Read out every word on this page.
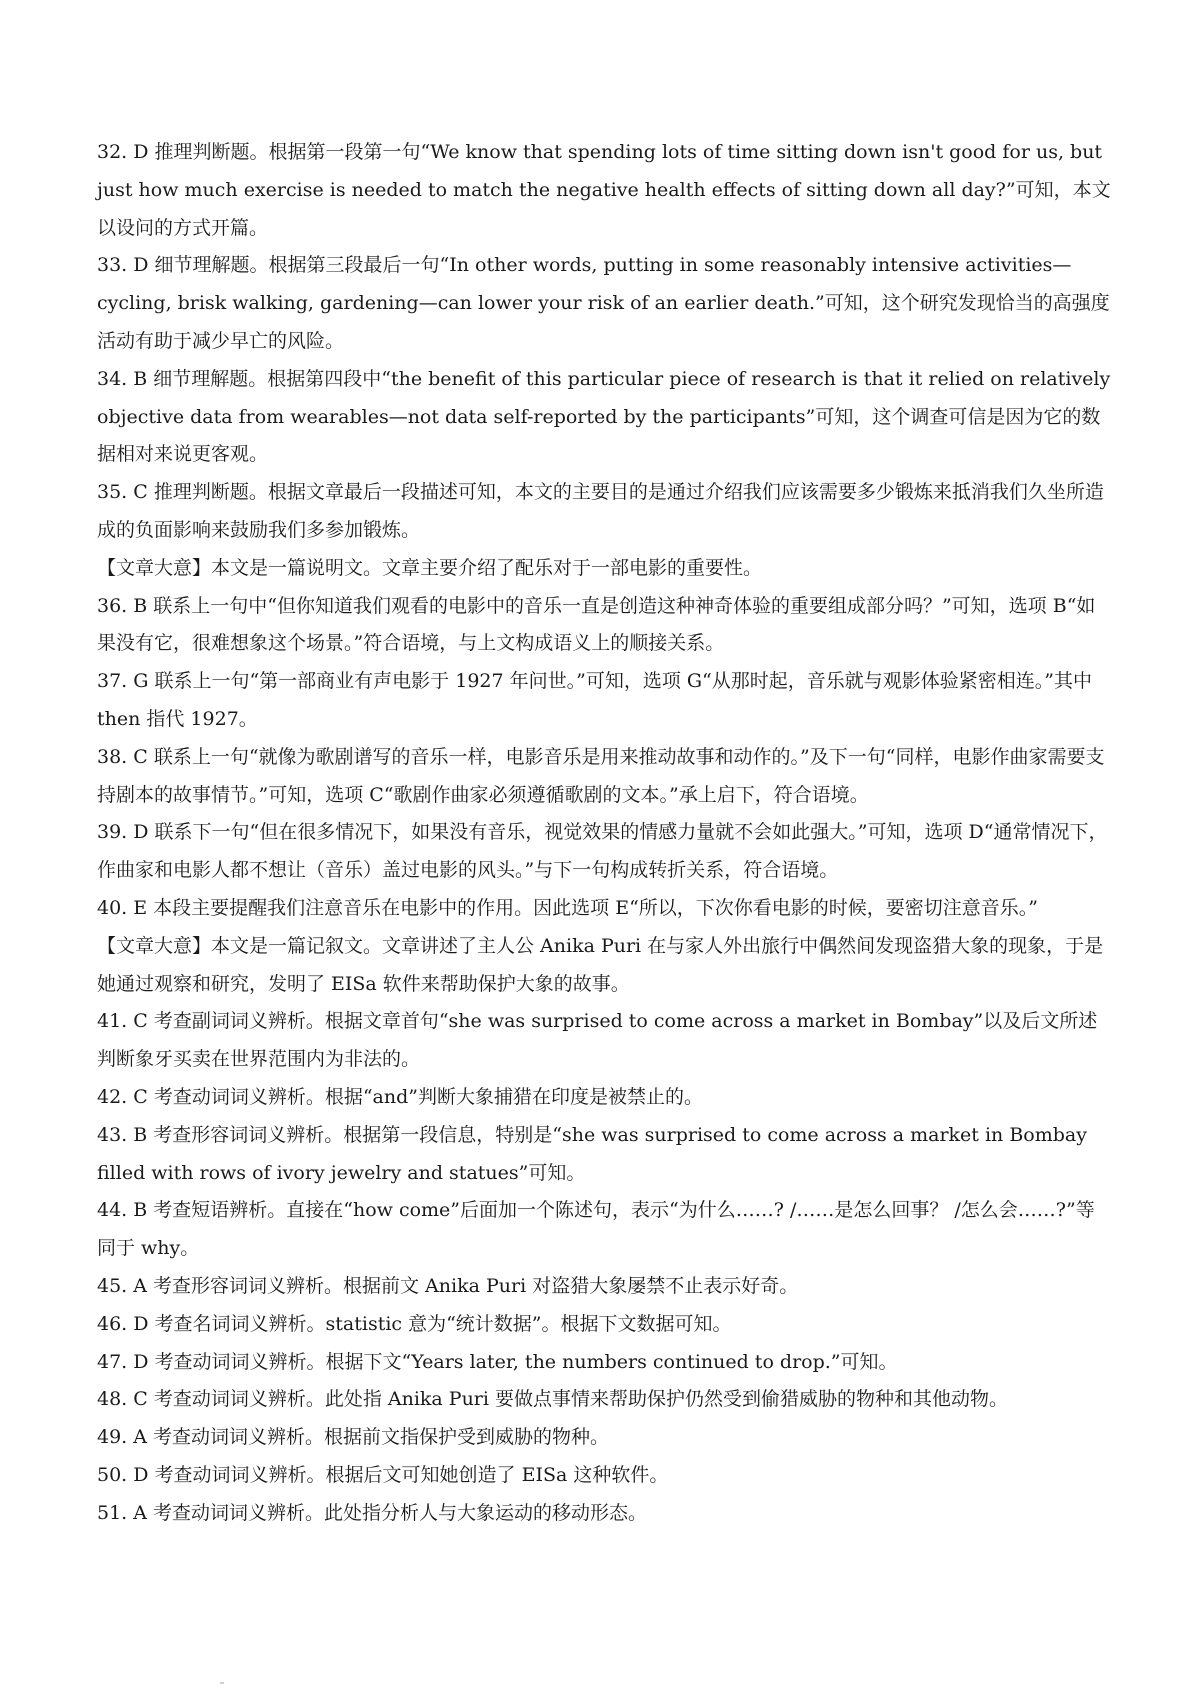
32. D 推理判断题。根据第一段第一句“We know that spending lots of time sitting down isn't good for us, but just how much exercise is needed to match the negative health effects of sitting down all day?”可知，本文以设问的方式开篇。

33. D 细节理解题。根据第三段最后一句“In other words, putting in some reasonably intensive activities—cycling, brisk walking, gardening—can lower your risk of an earlier death.”可知，这个研究发现恰当的高强度活动有助于减少早亡的风险。

34. B 细节理解题。根据第四段中“the benefit of this particular piece of research is that it relied on relatively objective data from wearables—not data self-reported by the participants”可知，这个调查可信是因为它的数据相对来说更客观。

35. C 推理判断题。根据文章最后一段描述可知，本文的主要目的是通过介绍我们应该需要多少锻炼来抵消我们久坐所造成的负面影响来鼓励我们多参加锻炼。

【文章大意】本文是一篇说明文。文章主要介绍了配乐对于一部电影的重要性。

36. B 联系上一句中“但你知道我们观看的电影中的音乐一直是创造这种神奇体验的重要组成部分吗？”可知，选项 B“如果没有它，很难想象这个场景。”符合语境，与上文构成语义上的顺接关系。

37. G 联系上一句“第一部商业有声电影于 1927 年问世。”可知，选项 G“从那时起，音乐就与观影体验紧密相连。”其中 then 指代 1927。

38. C 联系上一句“就像为歌剧谱写的音乐一样，电影音乐是用来推动故事和动作的。”及下一句“同样，电影作曲家需要支持剧本的故事情节。”可知，选项 C“歌剧作曲家必须遵循歌剧的文本。”承上启下，符合语境。

39. D 联系下一句“但在很多情况下，如果没有音乐，视觉效果的情感力量就不会如此强大。”可知，选项 D“通常情况下，作曲家和电影人都不想让（音乐）盖过电影的风头。”与下一句构成转折关系，符合语境。

40. E 本段主要提醒我们注意音乐在电影中的作用。因此选项 E“所以，下次你看电影的时候，要密切注意音乐。”

【文章大意】本文是一篇记叙文。文章讲述了主人公 Anika Puri 在与家人外出旅行中偶然间发现盗猎大象的现象，于是她通过观察和研究，发明了 EISa 软件来帮助保护大象的故事。

41. C 考查副词词义辨析。根据文章首句“she was surprised to come across a market in Bombay”以及后文所述判断象牙买卖在世界范围内为非法的。

42. C 考查动词词义辨析。根据“and”判断大象捕猎在印度是被禁止的。

43. B 考查形容词词义辨析。根据第一段信息，特别是“she was surprised to come across a market in Bombay filled with rows of ivory jewelry and statues”可知。

44. B 考查短语辨析。直接在“how come”后面加一个陈述句，表示“为什么……? /……是怎么回事？ /怎么会……?”等同于 why。

45. A 考查形容词词义辨析。根据前文 Anika Puri 对盗猎大象屡禁不止表示好奇。

46. D 考查名词词义辨析。statistic 意为“统计数据”。根据下文数据可知。

47. D 考查动词词义辨析。根据下文“Years later, the numbers continued to drop.”可知。

48. C 考查动词词义辨析。此处指 Anika Puri 要做点事情来帮助保护仍然受到偷猎威胁的物种和其他动物。

49. A 考查动词词义辨析。根据前文指保护受到威胁的物种。

50. D 考查动词词义辨析。根据后文可知她创造了 EISa 这种软件。

51. A 考查动词词义辨析。此处指分析人与大象运动的移动形态。
